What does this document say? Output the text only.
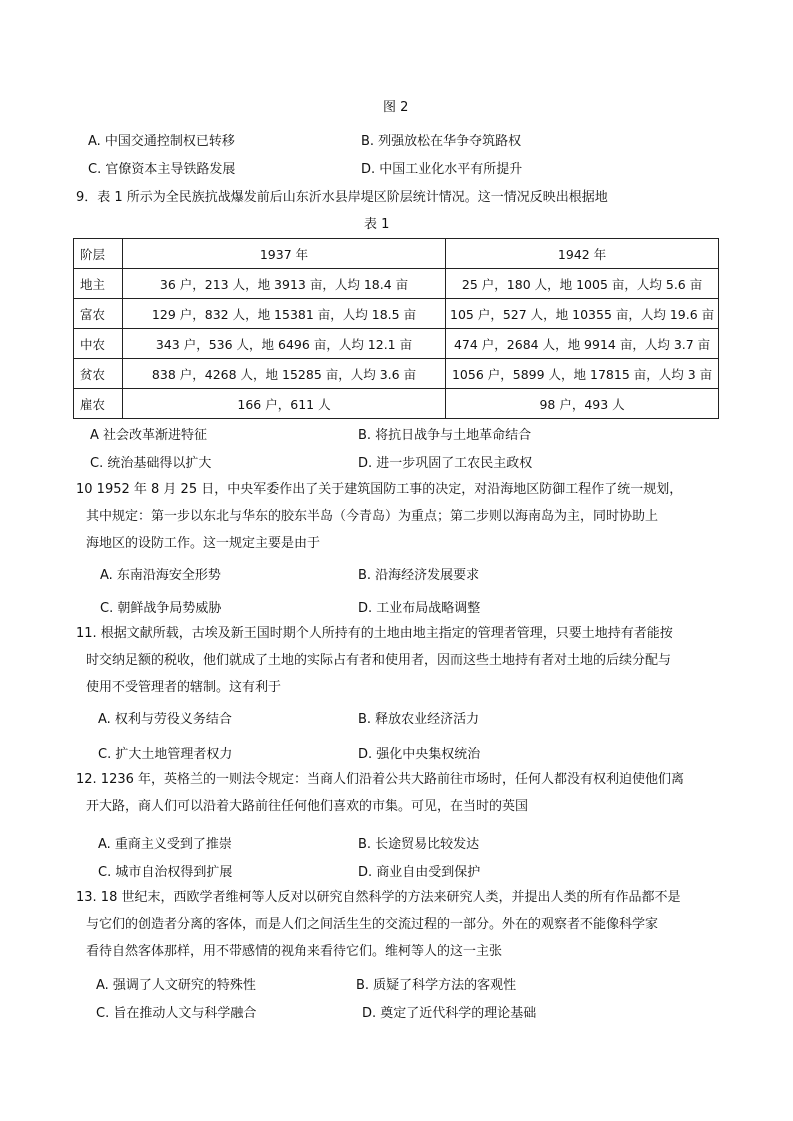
图 2
A. 中国交通控制权已转移	B. 列强放松在华争夺筑路权
C. 官僚资本主导铁路发展	D. 中国工业化水平有所提升
9．表 1 所示为全民族抗战爆发前后山东沂水县岸堤区阶层统计情况。这一情况反映出根据地
表 1
阶层	1937 年	1942 年
地主	36 户，213 人，地 3913 亩，人均 18.4 亩	25 户，180 人，地 1005 亩，人均 5.6 亩
富农	129 户，832 人，地 15381 亩，人均 18.5 亩	105 户，527 人，地 10355 亩，人均 19.6 亩
中农	343 户，536 人，地 6496 亩，人均 12.1 亩	474 户，2684 人，地 9914 亩，人均 3.7 亩
贫农	838 户，4268 人，地 15285 亩，人均 3.6 亩	1056 户，5899 人，地 17815 亩，人均 3 亩
雇农	166 户，611 人	98 户，493 人
A 社会改革渐进特征	B. 将抗日战争与土地革命结合
C. 统治基础得以扩大	D. 进一步巩固了工农民主政权
10 1952 年 8 月 25 日，中央军委作出了关于建筑国防工事的决定，对沿海地区防御工程作了统一规划，
其中规定：第一步以东北与华东的胶东半岛（今青岛）为重点；第二步则以海南岛为主，同时协助上
海地区的设防工作。这一规定主要是由于
A. 东南沿海安全形势	B. 沿海经济发展要求
C. 朝鲜战争局势威胁	D. 工业布局战略调整
11. 根据文献所载，古埃及新王国时期个人所持有的土地由地主指定的管理者管理，只要土地持有者能按
时交纳足额的税收，他们就成了土地的实际占有者和使用者，因而这些土地持有者对土地的后续分配与
使用不受管理者的辖制。这有利于
A. 权利与劳役义务结合	B. 释放农业经济活力
C. 扩大土地管理者权力	D. 强化中央集权统治
12. 1236 年，英格兰的一则法令规定：当商人们沿着公共大路前往市场时，任何人都没有权利迫使他们离
开大路，商人们可以沿着大路前往任何他们喜欢的市集。可见，在当时的英国
A. 重商主义受到了推崇	B. 长途贸易比较发达
C. 城市自治权得到扩展	D. 商业自由受到保护
13. 18 世纪末，西欧学者维柯等人反对以研究自然科学的方法来研究人类，并提出人类的所有作品都不是
与它们的创造者分离的客体，而是人们之间活生生的交流过程的一部分。外在的观察者不能像科学家
看待自然客体那样，用不带感情的视角来看待它们。维柯等人的这一主张
A. 强调了人文研究的特殊性	B. 质疑了科学方法的客观性
C. 旨在推动人文与科学融合	D. 奠定了近代科学的理论基础
